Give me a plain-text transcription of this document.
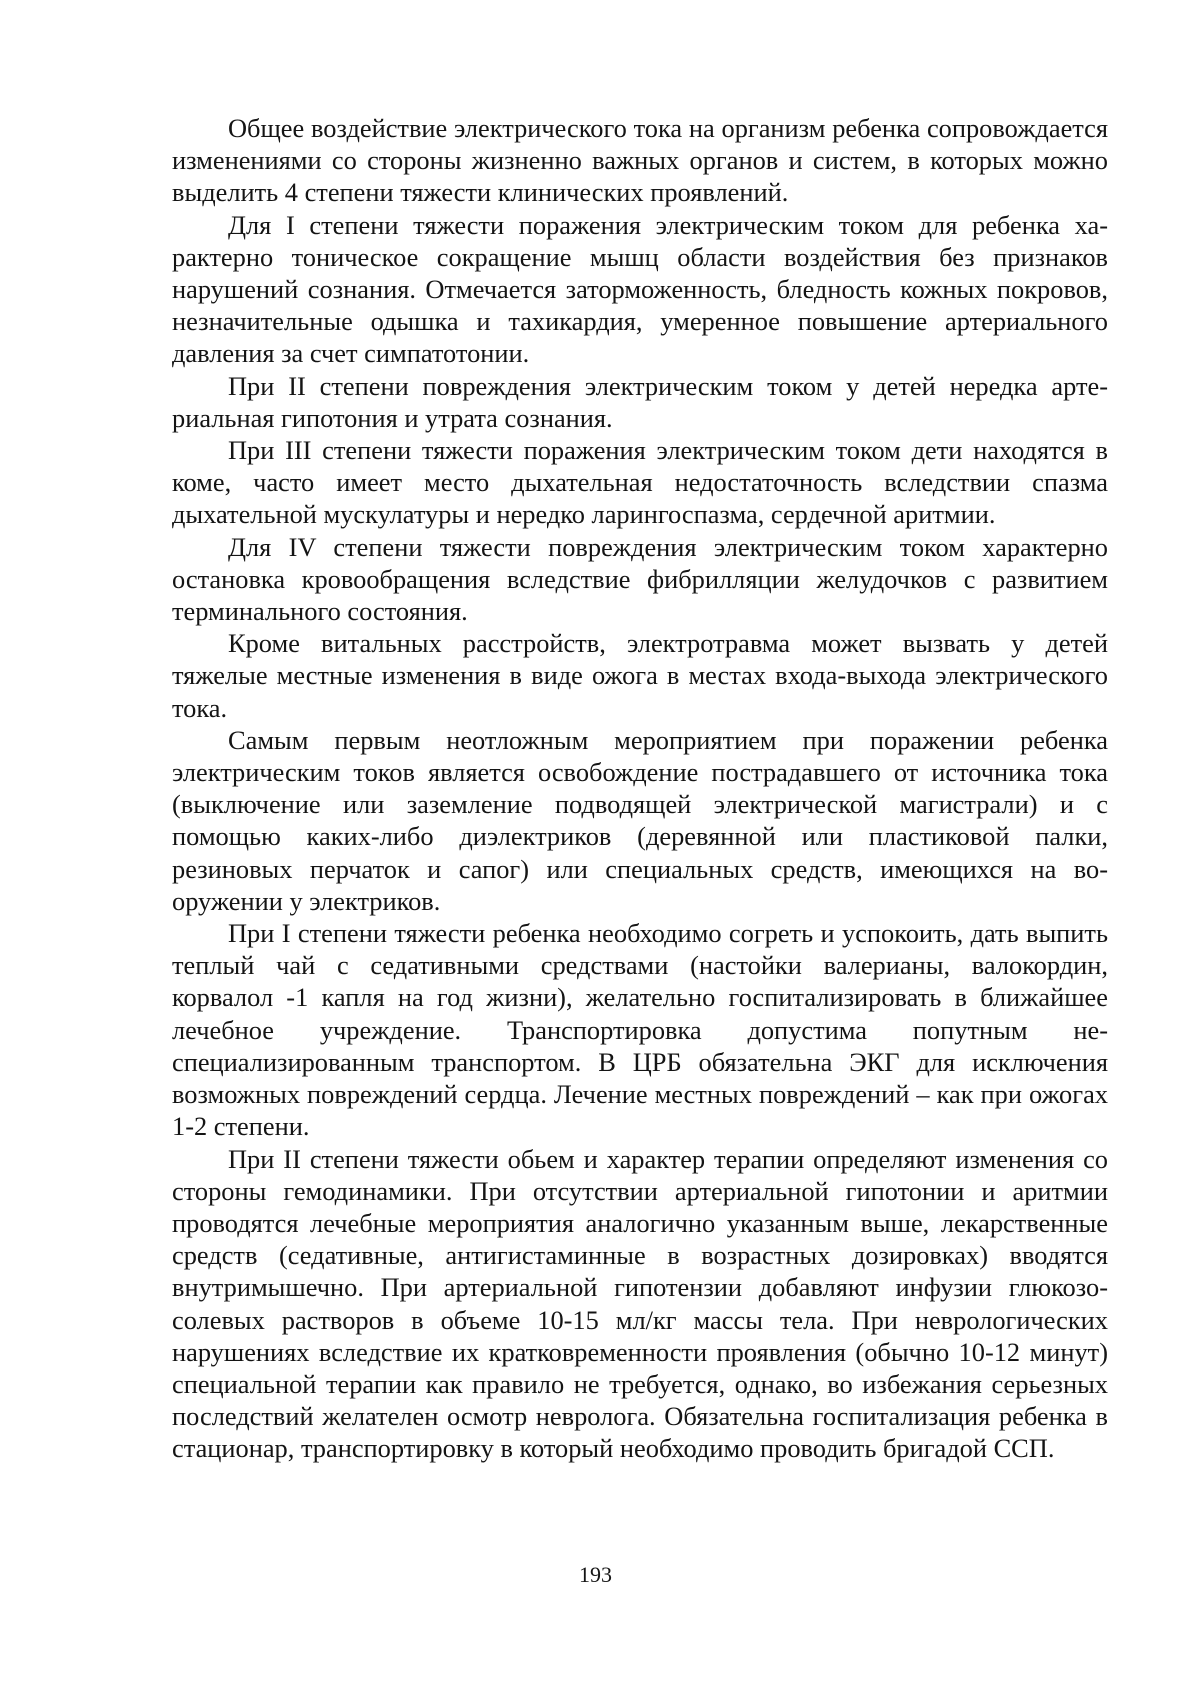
Общее воздействие электрического тока на организм ребенка сопровождается изменениями со стороны жизненно важных органов и систем, в которых можно выделить 4 степени тяжести клинических проявлений.

Для I степени тяжести поражения электрическим током для ребенка характерно тоническое сокращение мышц области воздействия без признаков нарушений сознания. Отмечается заторможенность, бледность кожных покровов, незначительные одышка и тахикардия, умеренное повышение артериального давления за счет симпатотонии.

При II степени повреждения электрическим током у детей нередка артериальная гипотония и утрата сознания.

При III степени тяжести поражения электрическим током дети находятся в коме, часто имеет место дыхательная недостаточность вследствии спазма дыхательной мускулатуры и нередко ларингоспазма, сердечной аритмии.

Для IV степени тяжести повреждения электрическим током характерно остановка кровообращения вследствие фибрилляции желудочков с развитием терминального состояния.

Кроме витальных расстройств, электротравма может вызвать у детей тяжелые местные изменения в виде ожога в местах входа-выхода электрического тока.

Самым первым неотложным мероприятием при поражении ребенка электрическим токов является освобождение пострадавшего от источника тока (выключение или заземление подводящей электрической магистрали) и с помощью каких-либо диэлектриков (деревянной или пластиковой палки, резиновых перчаток и сапог) или специальных средств, имеющихся на вооружении у электриков.

При I степени тяжести ребенка необходимо согреть и успокоить, дать выпить теплый чай с седативными средствами (настойки валерианы, валокордин, корвалол -1 капля на год жизни), желательно госпитализировать в ближайшее лечебное учреждение. Транспортировка допустима попутным неспециализированным транспортом. В ЦРБ обязательна ЭКГ для исключения возможных повреждений сердца. Лечение местных повреждений – как при ожогах 1-2 степени.

При II степени тяжести обьем и характер терапии определяют изменения со стороны гемодинамики. При отсутствии артериальной гипотонии и аритмии проводятся лечебные мероприятия аналогично указанным выше, лекарственные средств (седативные, антигистаминные в возрастных дозировках) вводятся внутримышечно. При артериальной гипотензии добавляют инфузии глюкозо-солевых растворов в объеме 10-15 мл/кг массы тела. При неврологических нарушениях вследствие их кратковременности проявления (обычно 10-12 минут) специальной терапии как правило не требуется, однако, во избежания серьезных последствий желателен осмотр невролога. Обязательна госпитализация ребенка в стационар, транспортировку в который необходимо проводить бригадой ССП.

193
